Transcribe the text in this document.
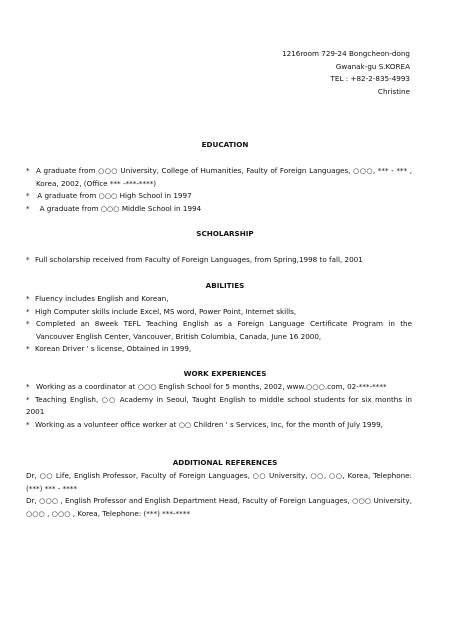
1216room 729-24 Bongcheon-dong
Gwanak-gu S.KOREA
TEL : +82-2-835-4993
Christine
EDUCATION
* A graduate from ○○○ University, College of Humanities, Faulty of Foreign Languages, ○○○, *** - *** , Korea, 2002, (Office *** -***-****)
* A graduate from ○○○ High School in 1997
* A graduate from ○○○ Middle School in 1994
SCHOLARSHIP
* Full scholarship received from Faculty of Foreign Languages, from Spring,1998 to fall, 2001
ABILITIES
* Fluency includes English and Korean,
* High Computer skills include Excel, MS word, Power Point, Internet skills,
* Completed an 8week TEFL Teaching English as a Foreign Language Certificate Program in the Vancouver English Center, Vancouver, British Columbia, Canada, June 16 2000,
* Korean Driver ' s license, Obtained in 1999,
WORK EXPERIENCES
* Working as a coordinator at ○○○ English School for 5 months, 2002, www.○○○.com, 02-***-****
* Teaching English, ○○ Academy in Seoul, Taught English to middle school students for six months in 2001
* Working as a volunteer office worker at ○○ Children ' s Services, Inc, for the month of July 1999,
ADDITIONAL REFERENCES
Dr, ○○ Life, English Professor, Faculty of Foreign Languages, ○○ University, ○○, ○○, Korea, Telephone: (***) *** - ****
Dr, ○○○ , English Professor and English Department Head, Faculty of Foreign Languages, ○○○ University, ○○○ , ○○○ , Korea, Telephone: (***) ***-****
